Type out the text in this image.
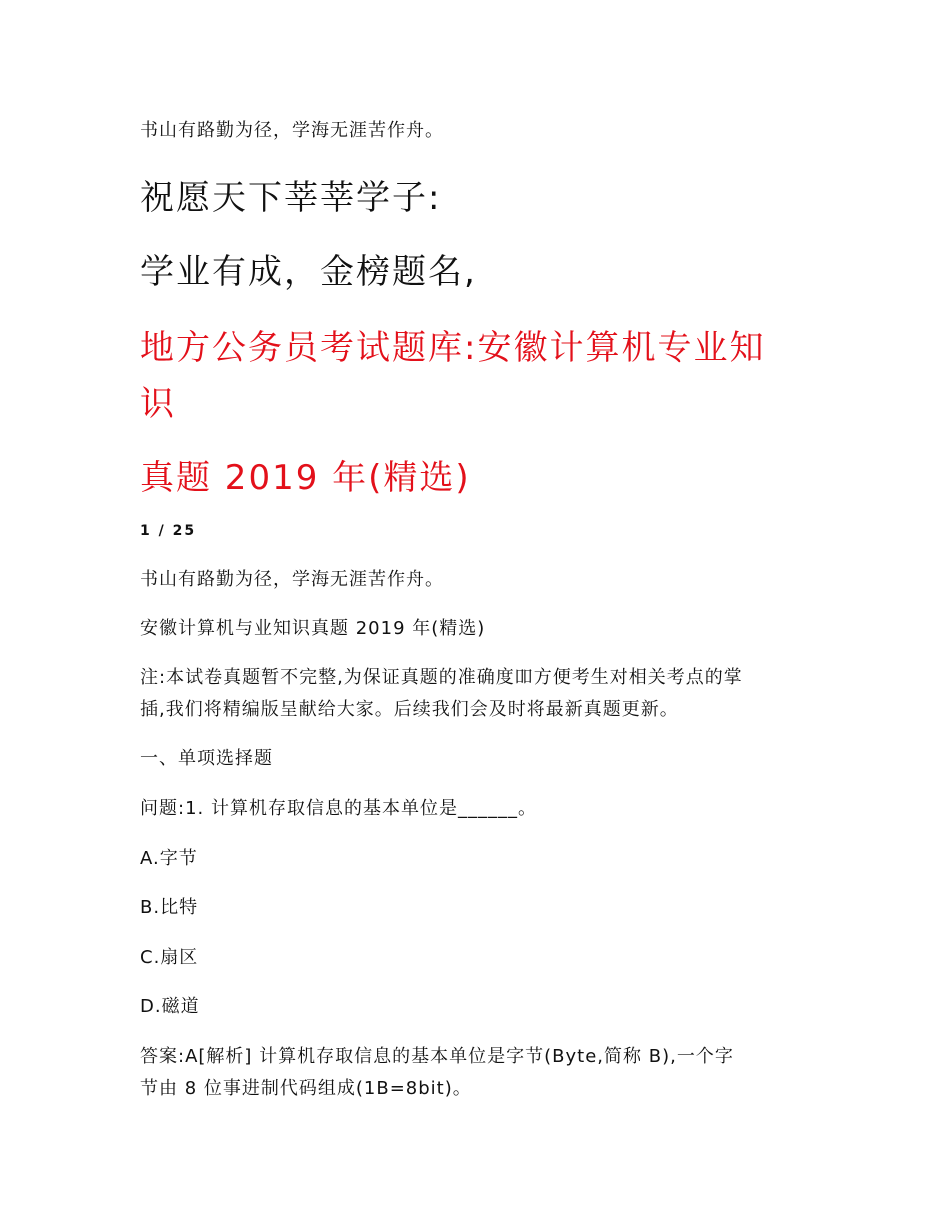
书山有路勤为径，学海无涯苦作舟。
祝愿天下莘莘学子:
学业有成，金榜题名,
地方公务员考试题库:安徽计算机专业知
识
真题 2019 年(精选)
1 / 25
书山有路勤为径，学海无涯苦作舟。
安徽计算机与业知识真题 2019 年(精选)
注:本试卷真题暂不完整,为保证真题的准确度吅方便考生对相关考点的掌
插,我们将精编版呈献给大家。后续我们会及时将最新真题更新。
一、单项选择题
问题:1. 计算机存取信息的基本单位是______。
A.字节
B.比特
C.扇区
D.磁道
答案:A[解析] 计算机存取信息的基本单位是字节(Byte,简称 B),一个字
节由 8 位事进制代码组成(1B=8bit)。
